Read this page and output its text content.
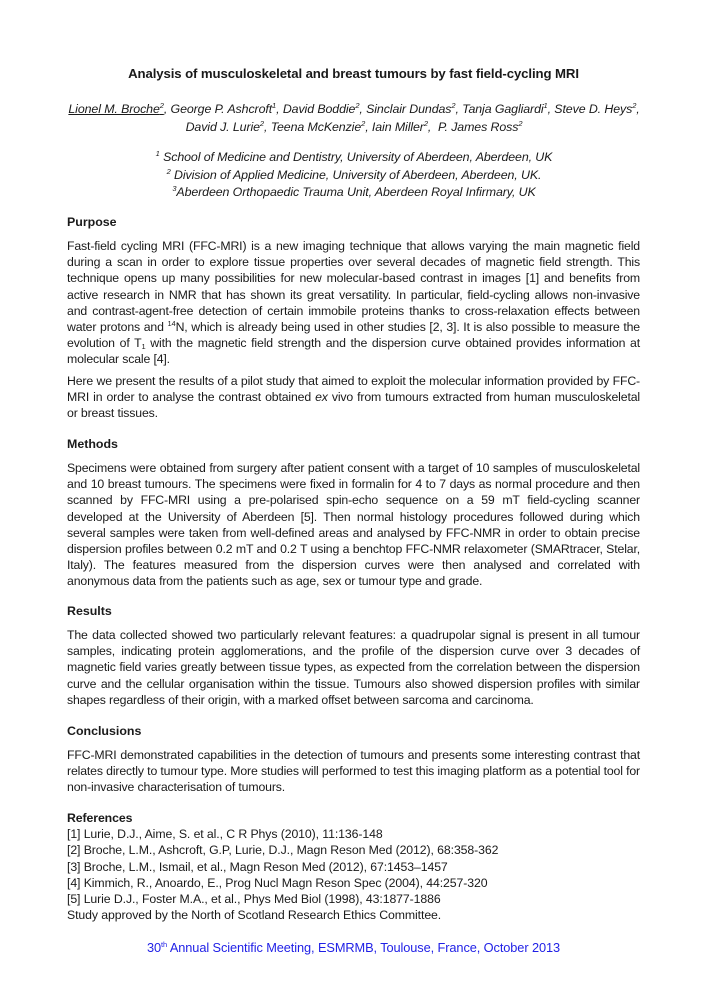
Analysis of musculoskeletal and breast tumours by fast field-cycling MRI
Lionel M. Broche$^2$, George P. Ashcroft$^1$, David Boddie$^2$, Sinclair Dundas$^2$, Tanja Gagliardi$^1$, Steve D. Heys$^2$,
David J. Lurie$^2$, Teena McKenzie$^2$, Iain Miller$^2$,  P. James Ross$^2$
$^1$ School of Medicine and Dentistry, University of Aberdeen, Aberdeen, UK
$^2$ Division of Applied Medicine, University of Aberdeen, Aberdeen, UK.
$^3$Aberdeen Orthopaedic Trauma Unit, Aberdeen Royal Infirmary, UK
Purpose
Fast-field cycling MRI (FFC-MRI) is a new imaging technique that allows varying the main magnetic field during a scan in order to explore tissue properties over several decades of magnetic field strength. This technique opens up many possibilities for new molecular-based contrast in images [1] and benefits from active research in NMR that has shown its great versatility. In particular, field-cycling allows non-invasive and contrast-agent-free detection of certain immobile proteins thanks to cross-relaxation effects between water protons and $^{14}$N, which is already being used in other studies [2, 3]. It is also possible to measure the evolution of $T_1$ with the magnetic field strength and the dispersion curve obtained provides information at molecular scale [4].
Here we present the results of a pilot study that aimed to exploit the molecular information provided by FFC-MRI in order to analyse the contrast obtained ex vivo from tumours extracted from human musculoskeletal or breast tissues.
Methods
Specimens were obtained from surgery after patient consent with a target of 10 samples of musculoskeletal and 10 breast tumours. The specimens were fixed in formalin for 4 to 7 days as normal procedure and then scanned by FFC-MRI using a pre-polarised spin-echo sequence on a 59 mT field-cycling scanner developed at the University of Aberdeen [5]. Then normal histology procedures followed during which several samples were taken from well-defined areas and analysed by FFC-NMR in order to obtain precise dispersion profiles between 0.2 mT and 0.2 T using a benchtop FFC-NMR relaxometer (SMARtracer, Stelar, Italy). The features measured from the dispersion curves were then analysed and correlated with anonymous data from the patients such as age, sex or tumour type and grade.
Results
The data collected showed two particularly relevant features: a quadrupolar signal is present in all tumour samples, indicating protein agglomerations, and the profile of the dispersion curve over 3 decades of magnetic field varies greatly between tissue types, as expected from the correlation between the dispersion curve and the cellular organisation within the tissue. Tumours also showed dispersion profiles with similar shapes regardless of their origin, with a marked offset between sarcoma and carcinoma.
Conclusions
FFC-MRI demonstrated capabilities in the detection of tumours and presents some interesting contrast that relates directly to tumour type. More studies will performed to test this imaging platform as a potential tool for non-invasive characterisation of tumours.
References
[1] Lurie, D.J., Aime, S. et al., C R Phys (2010), 11:136-148
[2] Broche, L.M., Ashcroft, G.P, Lurie, D.J., Magn Reson Med (2012), 68:358-362
[3] Broche, L.M., Ismail, et al., Magn Reson Med (2012), 67:1453–1457
[4] Kimmich, R., Anoardo, E., Prog Nucl Magn Reson Spec (2004), 44:257-320
[5] Lurie D.J., Foster M.A., et al., Phys Med Biol (1998), 43:1877-1886
Study approved by the North of Scotland Research Ethics Committee.
30th Annual Scientific Meeting, ESMRMB, Toulouse, France, October 2013
